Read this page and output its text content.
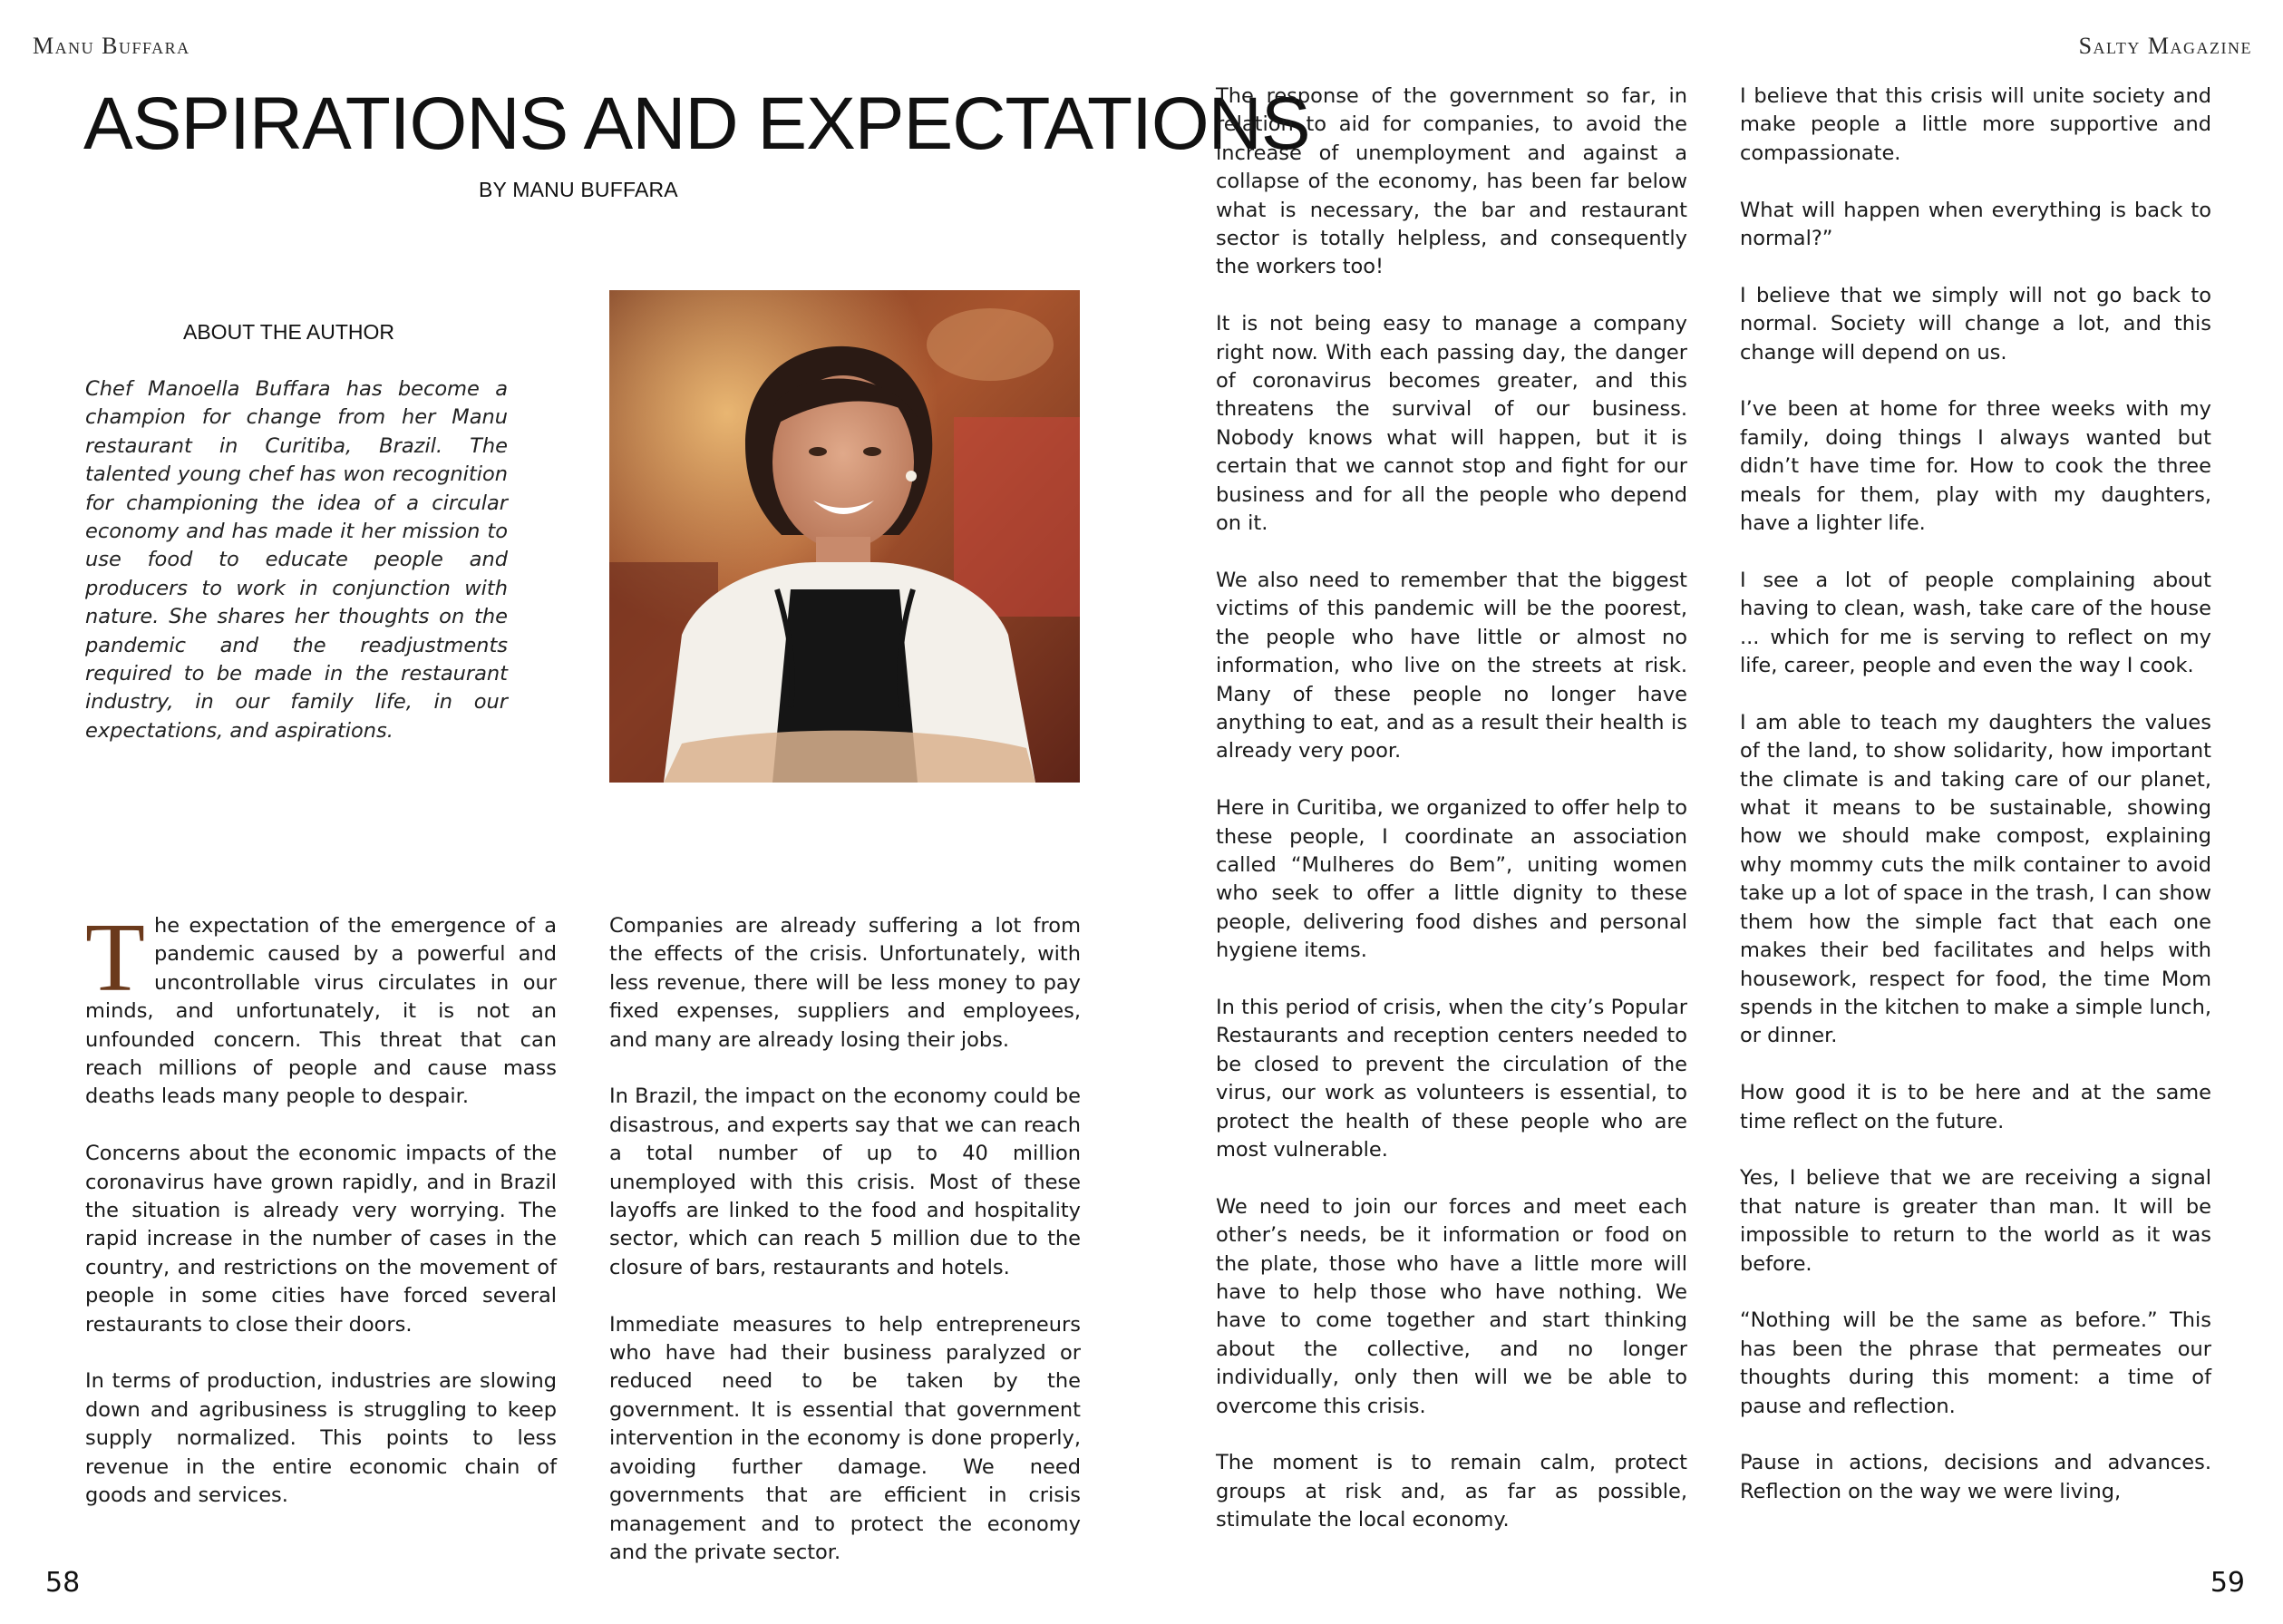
Manu Buffara	Salty Magazine
ASPIRATIONS AND EXPECTATIONS
BY MANU BUFFARA
ABOUT THE AUTHOR

Chef Manoella Buffara has become a champion for change from her Manu restaurant in Curitiba, Brazil. The talented young chef has won recognition for championing the idea of a circular economy and has made it her mission to use food to educate people and producers to work in conjunction with nature. She shares her thoughts on the pandemic and the readjustments required to be made in the restaurant industry, in our family life, in our expectations, and aspirations.

The expectation of the emergence of a pandemic caused by a powerful and uncontrollable virus circulates in our minds, and unfortunately, it is not an unfounded concern. This threat that can reach millions of people and cause mass deaths leads many people to despair.

Concerns about the economic impacts of the coronavirus have grown rapidly, and in Brazil the situation is already very worrying. The rapid increase in the number of cases in the country, and restrictions on the movement of people in some cities have forced several restaurants to close their doors.

In terms of production, industries are slowing down and agribusiness is struggling to keep supply normalized. This points to less revenue in the entire economic chain of goods and services.

Companies are already suffering a lot from the effects of the crisis. Unfortunately, with less revenue, there will be less money to pay fixed expenses, suppliers and employees, and many are already losing their jobs.

In Brazil, the impact on the economy could be disastrous, and experts say that we can reach a total number of up to 40 million unemployed with this crisis. Most of these layoffs are linked to the food and hospitality sector, which can reach 5 million due to the closure of bars, restaurants and hotels.

Immediate measures to help entrepreneurs who have had their business paralyzed or reduced need to be taken by the government. It is essential that government intervention in the economy is done properly, avoiding further damage. We need governments that are efficient in crisis management and to protect the economy and the private sector.

The response of the government so far, in relation to aid for companies, to avoid the increase of unemployment and against a collapse of the economy, has been far below what is necessary, the bar and restaurant sector is totally helpless, and consequently the workers too!

It is not being easy to manage a company right now. With each passing day, the danger of coronavirus becomes greater, and this threatens the survival of our business. Nobody knows what will happen, but it is certain that we cannot stop and fight for our business and for all the people who depend on it.

We also need to remember that the biggest victims of this pandemic will be the poorest, the people who have little or almost no information, who live on the streets at risk. Many of these people no longer have anything to eat, and as a result their health is already very poor.

Here in Curitiba, we organized to offer help to these people, I coordinate an association called “Mulheres do Bem”, uniting women who seek to offer a little dignity to these people, delivering food dishes and personal hygiene items.

In this period of crisis, when the city’s Popular Restaurants and reception centers needed to be closed to prevent the circulation of the virus, our work as volunteers is essential, to protect the health of these people who are most vulnerable.

We need to join our forces and meet each other’s needs, be it information or food on the plate, those who have a little more will have to help those who have nothing. We have to come together and start thinking about the collective, and no longer individually, only then will we be able to overcome this crisis.

The moment is to remain calm, protect groups at risk and, as far as possible, stimulate the local economy.

I believe that this crisis will unite society and make people a little more supportive and compassionate.

What will happen when everything is back to normal?”

I believe that we simply will not go back to normal. Society will change a lot, and this change will depend on us.

I’ve been at home for three weeks with my family, doing things I always wanted but didn’t have time for. How to cook the three meals for them, play with my daughters, have a lighter life.

I see a lot of people complaining about having to clean, wash, take care of the house ... which for me is serving to reflect on my life, career, people and even the way I cook.

I am able to teach my daughters the values of the land, to show solidarity, how important the climate is and taking care of our planet, what it means to be sustainable, showing how we should make compost, explaining why mommy cuts the milk container to avoid take up a lot of space in the trash, I can show them how the simple fact that each one makes their bed facilitates and helps with housework, respect for food, the time Mom spends in the kitchen to make a simple lunch, or dinner.

How good it is to be here and at the same time reflect on the future.

Yes, I believe that we are receiving a signal that nature is greater than man. It will be impossible to return to the world as it was before.

“Nothing will be the same as before.” This has been the phrase that permeates our thoughts during this moment: a time of pause and reflection.

Pause in actions, decisions and advances. Reflection on the way we were living,

58	59
